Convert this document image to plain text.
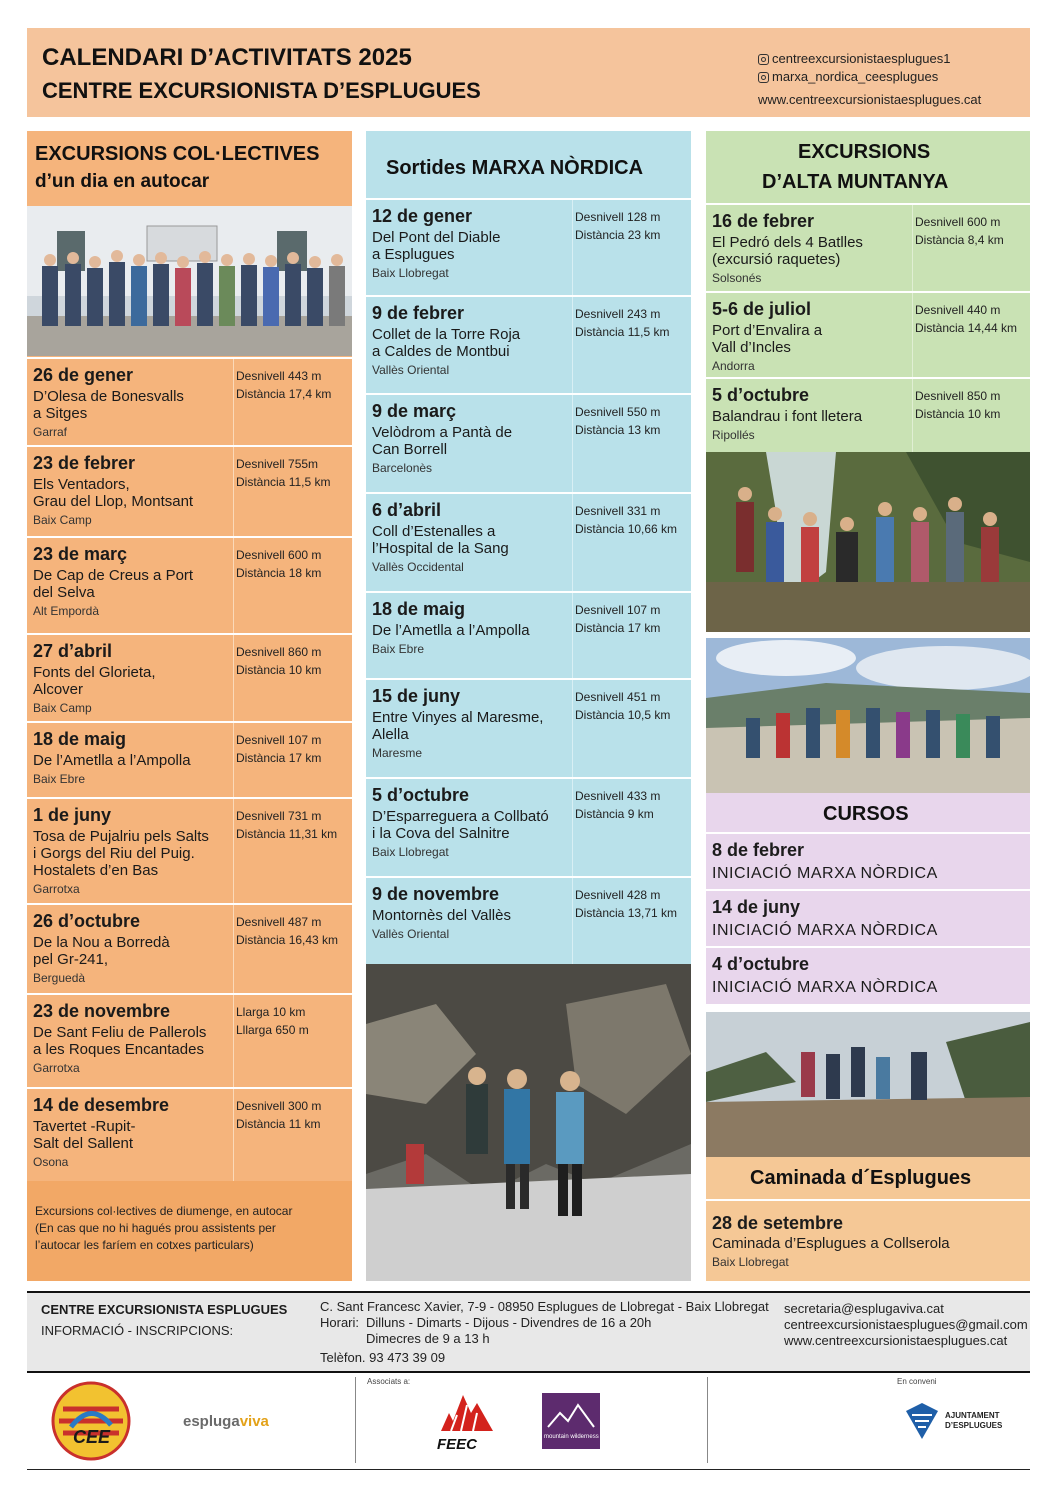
CALENDARI D’ACTIVITATS 2025
CENTRE EXCURSIONISTA D’ESPLUGUES
centreexcursionistaesplugues1
marxa_nordica_ceesplugues
www.centreexcursionistaesplugues.cat
EXCURSIONS COL·LECTIVES
d’un dia en autocar
26 de gener
D’Olesa de Bonesvalls
a Sitges
Garraf
Desnivell 443 m
Distància 17,4 km
23 de febrer
Els Ventadors,
Grau del Llop, Montsant
Baix Camp
Desnivell 755m
Distància 11,5 km
23 de març
De Cap de Creus a Port
del Selva
Alt Empordà
Desnivell 600 m
Distància 18 km
27 d’abril
Fonts del Glorieta,
Alcover
Baix Camp
Desnivell 860 m
Distància 10 km
18 de maig
De l’Ametlla a l’Ampolla
Baix Ebre
Desnivell 107 m
Distància 17 km
1 de juny
Tosa de Pujalriu pels Salts
i Gorgs del Riu del Puig.
Hostalets d’en Bas
Garrotxa
Desnivell 731 m
Distància 11,31 km
26 d’octubre
De la Nou a Borredà
pel Gr-241,
Berguedà
Desnivell 487 m
Distància 16,43 km
23 de novembre
De Sant Feliu de Pallerols
a les Roques Encantades
Garrotxa
Llarga 10 km
Lllarga 650 m
14 de desembre
Tavertet -Rupit-
Salt del Sallent
Osona
Desnivell 300 m
Distància 11 km
Excursions col·lectives de diumenge, en autocar
(En cas que no hi hagués prou assistents per
l’autocar les faríem en cotxes particulars)
Sortides MARXA NÒRDICA
12 de gener
Del Pont del Diable
a Esplugues
Baix Llobregat
Desnivell 128 m
Distància 23 km
9 de febrer
Collet de la Torre Roja
a Caldes de Montbui
Vallès Oriental
Desnivell 243 m
Distància 11,5 km
9 de març
Velòdrom a Pantà de
Can Borrell
Barcelonès
Desnivell 550 m
Distància 13 km
6 d’abril
Coll d’Estenalles a
l’Hospital de la Sang
Vallès Occidental
Desnivell 331 m
Distància 10,66 km
18 de maig
De l’Ametlla a l’Ampolla
Baix Ebre
Desnivell 107 m
Distància 17 km
15 de juny
Entre Vinyes al Maresme,
Alella
Maresme
Desnivell 451 m
Distància 10,5 km
5 d’octubre
D’Esparreguera a Collbató
i la Cova del Salnitre
Baix Llobregat
Desnivell 433 m
Distància 9 km
9 de novembre
Montornès del Vallès
Vallès Oriental
Desnivell 428 m
Distància 13,71 km
EXCURSIONS
D’ALTA MUNTANYA
16 de febrer
El Pedró dels 4 Batlles
(excursió raquetes)
Solsonés
Desnivell 600 m
Distància 8,4 km
5-6 de juliol
Port d’Envalira a
Vall d’Incles
Andorra
Desnivell 440 m
Distància 14,44 km
5 d’octubre
Balandrau i font lleterа
Ripollés
Desnivell 850 m
Distància 10 km
CURSOS
8 de febrer
INICIACIÓ MARXA NÒRDICA
14 de juny
INICIACIÓ MARXA NÒRDICA
4 d’octubre
INICIACIÓ MARXA NÒRDICA
Caminada d´Esplugues
28 de setembre
Caminada d’Esplugues a Collserola
Baix Llobregat
CENTRE EXCURSIONISTA ESPLUGUES
INFORMACIÓ - INSCRIPCIONS:
C. Sant Francesc Xavier, 7-9 - 08950 Esplugues de Llobregat - Baix Llobregat
Horari: Dilluns - Dimarts - Dijous - Divendres de 16 a 20h
Dimecres de 9 a 13 h
Telèfon. 93 473 39 09
secretaria@esplugaviva.cat
centreexcursionistaesplugues@gmail.com
www.centreexcursionistaesplugues.cat
Associats a:	En conveni
CEE
esplugaviva
FEEC	mountain wilderness
AJUNTAMENT
D’ESPLUGUES
